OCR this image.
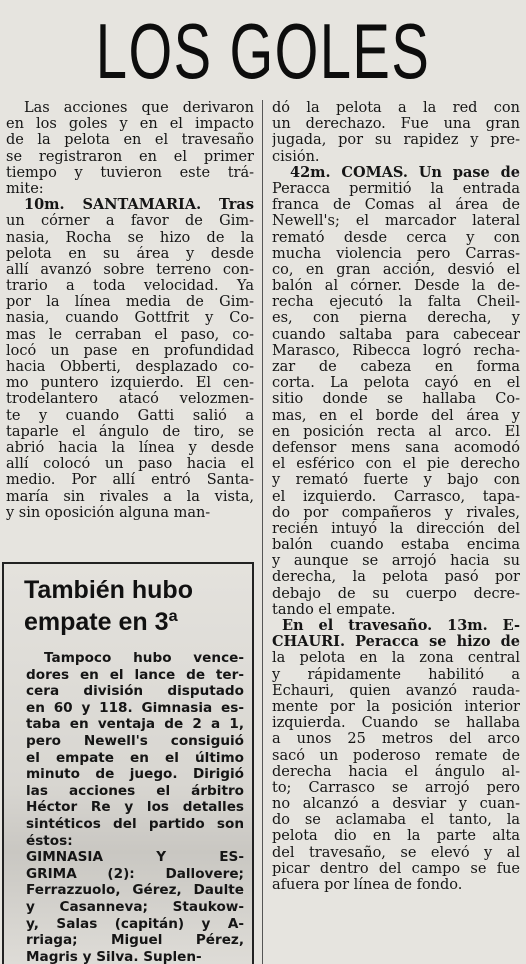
LOS GOLES
Las acciones que derivaron
en los goles y en el impacto
de la pelota en el travesaño
se registraron en el primer
tiempo y tuvieron este trá-
mite:
10m. SANTAMARIA. Tras
un córner a favor de Gim-
nasia, Rocha se hizo de la
pelota en su área y desde
allí avanzó sobre terreno con-
trario a toda velocidad. Ya
por la línea media de Gim-
nasia, cuando Gottfrit y Co-
mas le cerraban el paso, co-
locó un pase en profundidad
hacia Obberti, desplazado co-
mo puntero izquierdo. El cen-
trodelantero atacó velozmen-
te y cuando Gatti salió a
taparle el ángulo de tiro, se
abrió hacia la línea y desde
allí colocó un paso hacia el
medio. Por allí entró Santa-
maría sin rivales a la vista,
y sin oposición alguna man-
dó la pelota a la red con
un derechazo. Fue una gran
jugada, por su rapidez y pre-
cisión.
42m. COMAS. Un pase de
Peracca permitió la entrada
franca de Comas al área de
Newell's; el marcador lateral
remató desde cerca y con
mucha violencia pero Carras-
co, en gran acción, desvió el
balón al córner. Desde la de-
recha ejecutó la falta Cheil-
es, con pierna derecha, y
cuando saltaba para cabecear
Marasco, Ribecca logró recha-
zar de cabeza en forma
corta. La pelota cayó en el
sitio donde se hallaba Co-
mas, en el borde del área y
en posición recta al arco. El
defensor mens sana acomodó
el esférico con el pie derecho
y remató fuerte y bajo con
el izquierdo. Carrasco, tapa-
do por compañeros y rivales,
recién intuyó la dirección del
balón cuando estaba encima
y aunque se arrojó hacia su
derecha, la pelota pasó por
debajo de su cuerpo decre-
tando el empate.
En el travesaño. 13m. E-
CHAURI. Peracca se hizo de
la pelota en la zona central
y rápidamente habilitó a
Echauri, quien avanzó rauda-
mente por la posición interior
izquierda. Cuando se hallaba
a unos 25 metros del arco
sacó un poderoso remate de
derecha hacia el ángulo al-
to; Carrasco se arrojó pero
no alcanzó a desviar y cuan-
do se aclamaba el tanto, la
pelota dio en la parte alta
del travesaño, se elevó y al
picar dentro del campo se fue
afuera por línea de fondo.
También hubo
empate en 3ª
Tampoco hubo vence-
dores en el lance de ter-
cera división disputado
en 60 y 118. Gimnasia es-
taba en ventaja de 2 a 1,
pero Newell's consiguió
el empate en el último
minuto de juego. Dirigió
las acciones el árbitro
Héctor Re y los detalles
sintéticos del partido son
éstos:
GIMNASIA Y ES-
GRIMA (2): Dallovere;
Ferrazzuolo, Gérez, Daulte
y Casanneva; Staukow-
y, Salas (capitán) y A-
rriaga; Miguel Pérez,
Magris y Silva. Suplen-
